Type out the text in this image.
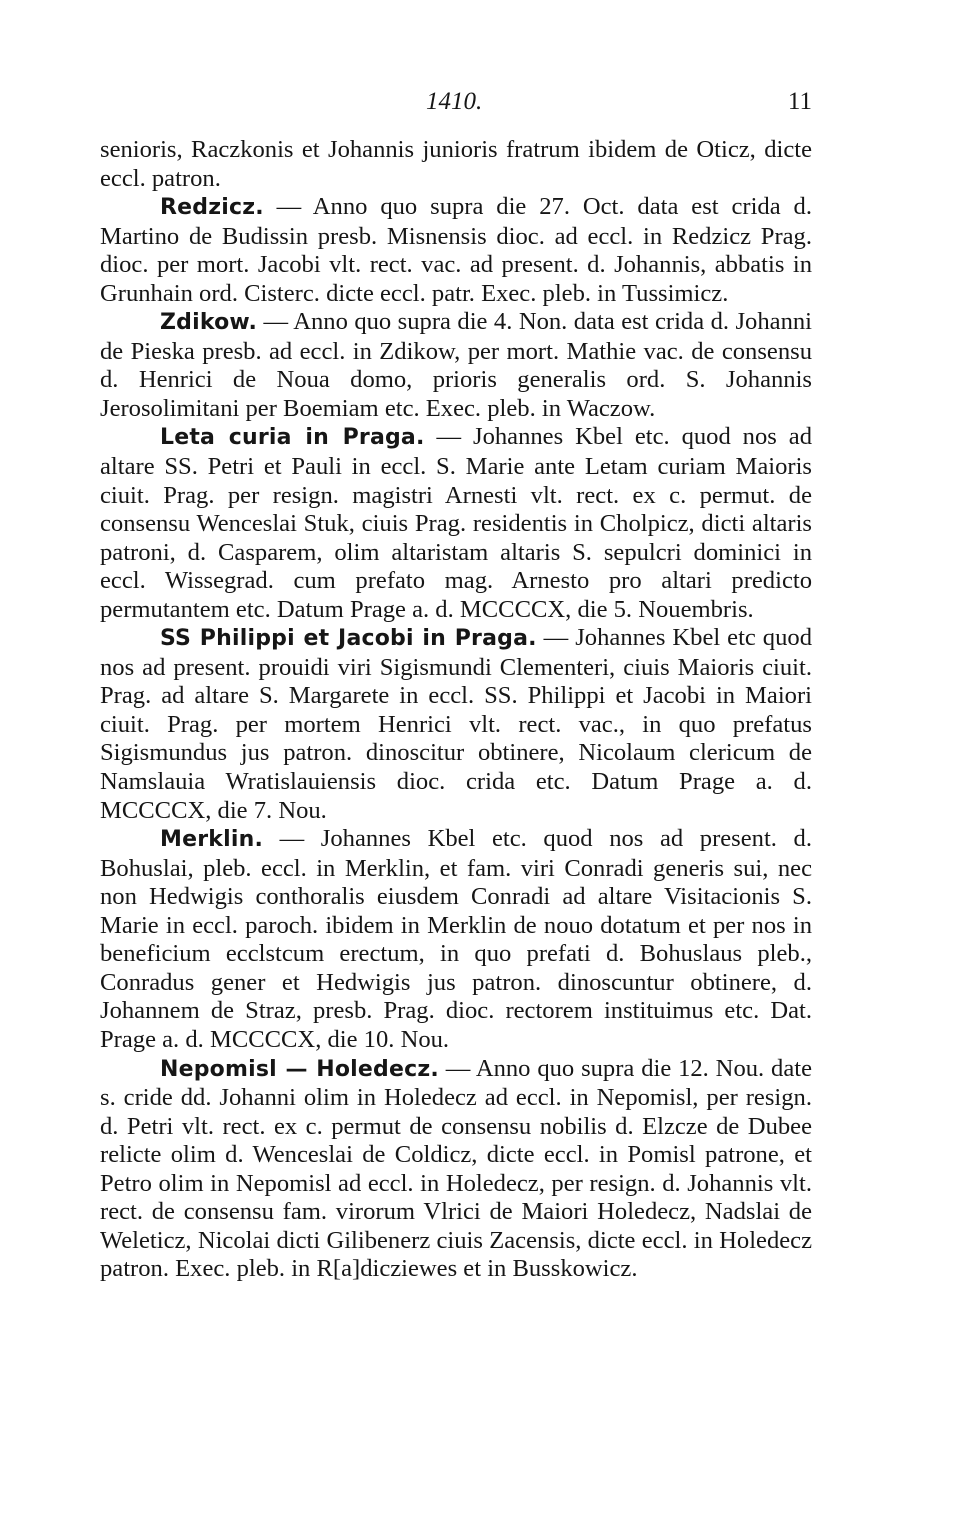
1410.	11

senioris, Raczkonis et Johannis junioris fratrum ibidem de Oticz, dicte eccl. patron.

Redzicz. — Anno quo supra die 27. Oct. data est crida d. Martino de Budissin presb. Misnensis dioc. ad eccl. in Redzicz Prag. dioc. per mort. Jacobi vlt. rect. vac. ad present. d. Johannis, abbatis in Grunhain ord. Cisterc. dicte eccl. patr. Exec. pleb. in Tussimicz.

Zdikow. — Anno quo supra die 4. Non. data est crida d. Johanni de Pieska presb. ad eccl. in Zdikow, per mort. Mathie vac. de consensu d. Henrici de Noua domo, prioris generalis ord. S. Johannis Jerosolimitani per Boemiam etc. Exec. pleb. in Waczow.

Leta curia in Praga. — Johannes Kbel etc. quod nos ad altare SS. Petri et Pauli in eccl. S. Marie ante Letam curiam Maioris ciuit. Prag. per resign. magistri Arnesti vlt. rect. ex c. permut. de consensu Wenceslai Stuk, ciuis Prag. residentis in Cholpicz, dicti altaris patroni, d. Casparem, olim altaristam altaris S. sepulcri dominici in eccl. Wissegrad. cum prefato mag. Arnesto pro altari predicto permutantem etc. Datum Prage a. d. MCCCCX, die 5. Nouembris.

SS Philippi et Jacobi in Praga. — Johannes Kbel etc quod nos ad present. prouidi viri Sigismundi Clementeri, ciuis Maioris ciuit. Prag. ad altare S. Margarete in eccl. SS. Philippi et Jacobi in Maiori ciuit. Prag. per mortem Henrici vlt. rect. vac., in quo prefatus Sigismundus jus patron. dinoscitur obtinere, Nicolaum clericum de Namslauia Wratislauiensis dioc. crida etc. Datum Prage a. d. MCCCCX, die 7. Nou.

Merklin. — Johannes Kbel etc. quod nos ad present. d. Bohuslai, pleb. eccl. in Merklin, et fam. viri Conradi generis sui, nec non Hedwigis conthoralis eiusdem Conradi ad altare Visitacionis S. Marie in eccl. paroch. ibidem in Merklin de nouo dotatum et per nos in beneficium ecclstcum erectum, in quo prefati d. Bohuslaus pleb., Conradus gener et Hedwigis jus patron. dinoscuntur obtinere, d. Johannem de Straz, presb. Prag. dioc. rectorem instituimus etc. Dat. Prage a. d. MCCCCX, die 10. Nou.

Nepomisl — Holedecz. — Anno quo supra die 12. Nou. date s. cride dd. Johanni olim in Holedecz ad eccl. in Nepomisl, per resign. d. Petri vlt. rect. ex c. permut de consensu nobilis d. Elzcze de Dubee relicte olim d. Wenceslai de Coldicz, dicte eccl. in Pomisl patrone, et Petro olim in Nepomisl ad eccl. in Holedecz, per resign. d. Johannis vlt. rect. de consensu fam. virorum Vlrici de Maiori Holedecz, Nadslai de Weleticz, Nicolai dicti Gilibenerz ciuis Zacensis, dicte eccl. in Holedecz patron. Exec. pleb. in R[a]dicziewes et in Busskowicz.
